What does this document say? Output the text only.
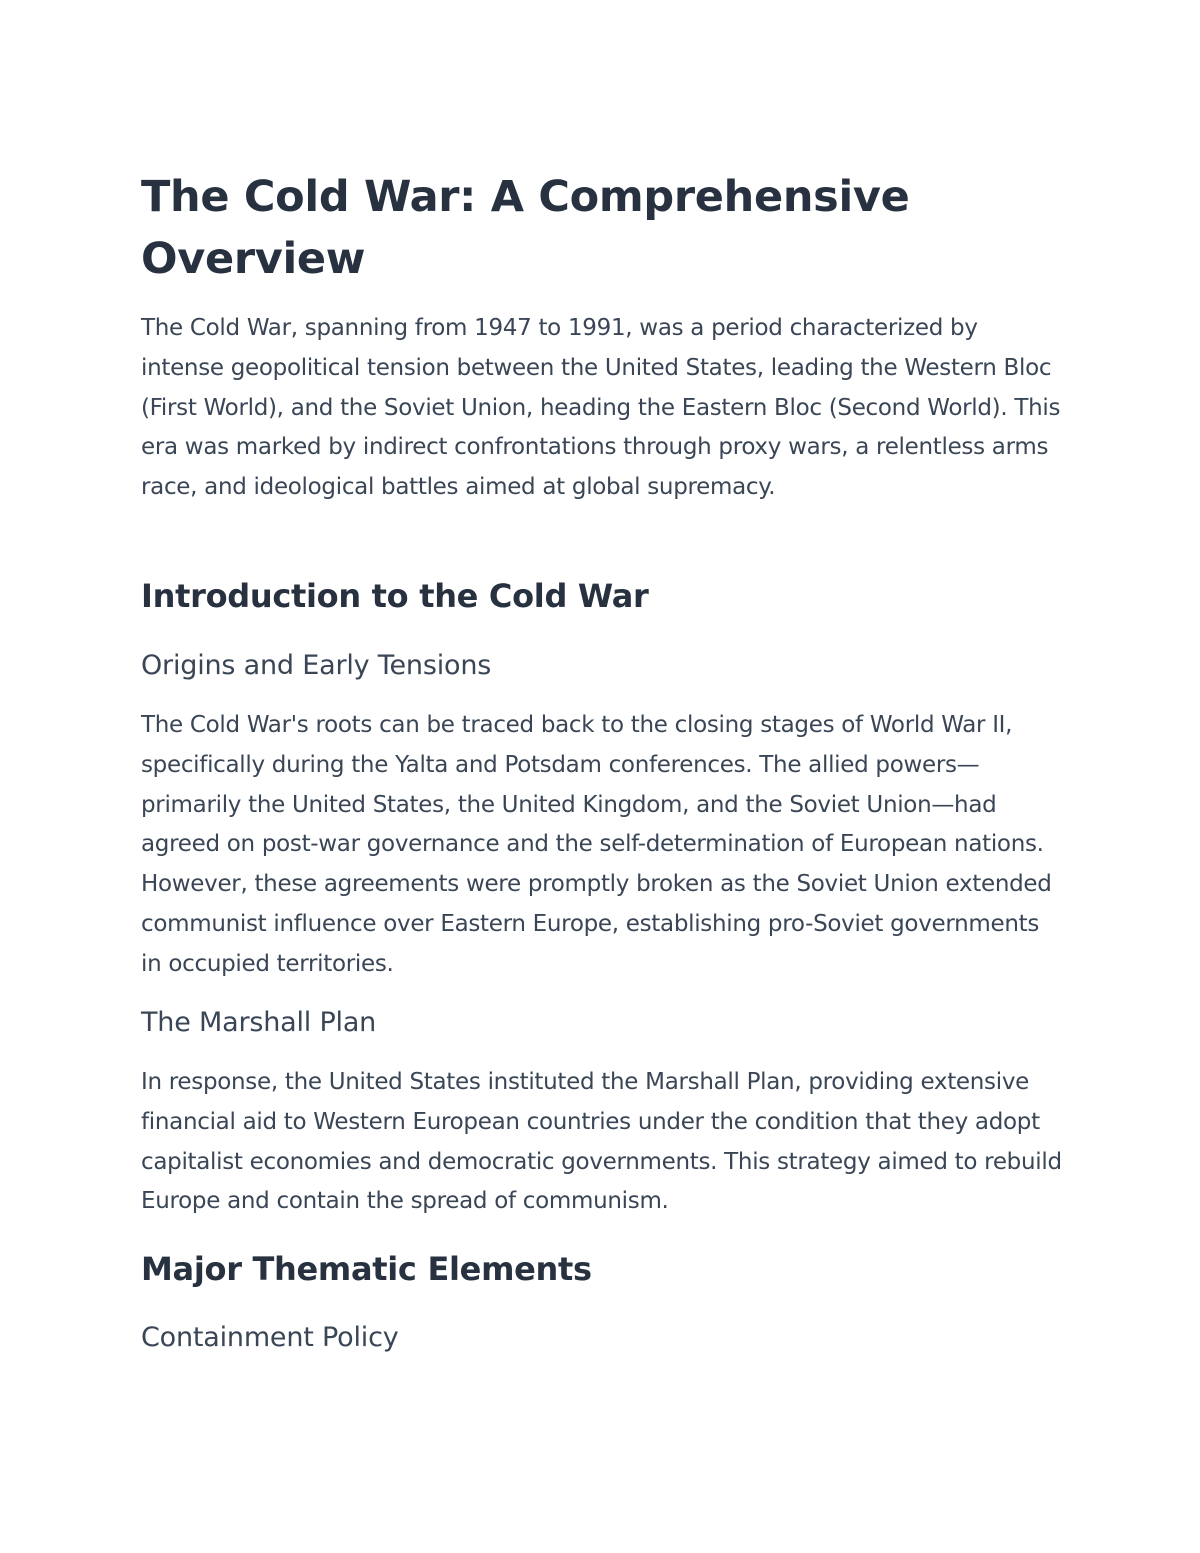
The Cold War: A Comprehensive Overview

The Cold War, spanning from 1947 to 1991, was a period characterized by intense geopolitical tension between the United States, leading the Western Bloc (First World), and the Soviet Union, heading the Eastern Bloc (Second World). This era was marked by indirect confrontations through proxy wars, a relentless arms race, and ideological battles aimed at global supremacy.

Introduction to the Cold War
Origins and Early Tensions

The Cold War's roots can be traced back to the closing stages of World War II, specifically during the Yalta and Potsdam conferences. The allied powers—primarily the United States, the United Kingdom, and the Soviet Union—had agreed on post-war governance and the self-determination of European nations. However, these agreements were promptly broken as the Soviet Union extended communist influence over Eastern Europe, establishing pro-Soviet governments in occupied territories.

The Marshall Plan

In response, the United States instituted the Marshall Plan, providing extensive financial aid to Western European countries under the condition that they adopt capitalist economies and democratic governments. This strategy aimed to rebuild Europe and contain the spread of communism.

Major Thematic Elements
Containment Policy
